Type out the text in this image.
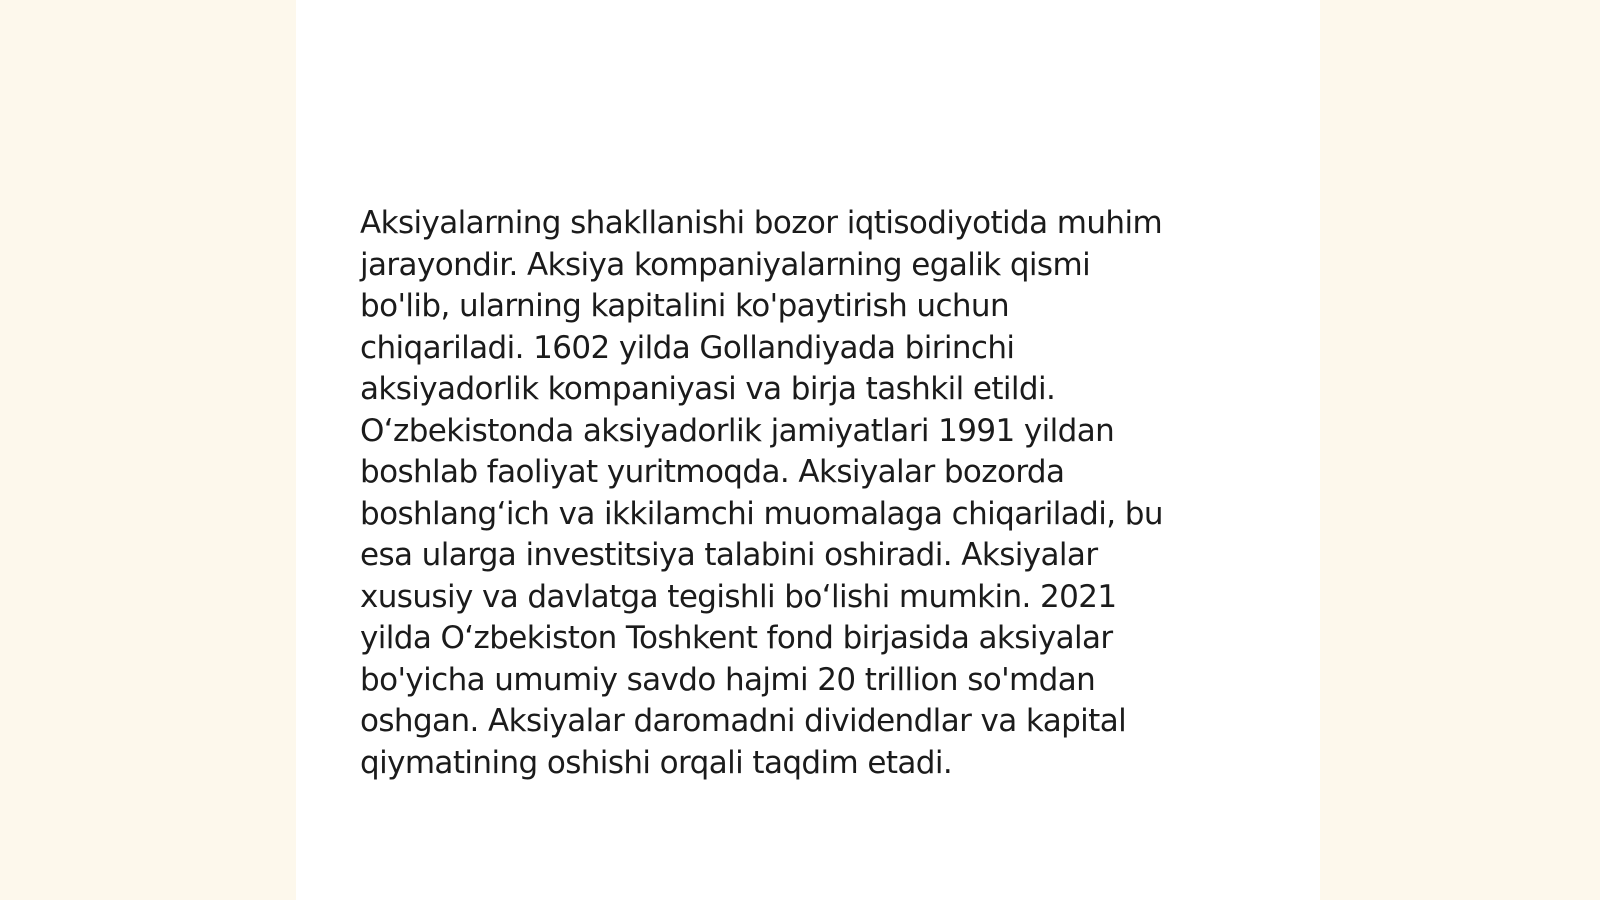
Aksiyalarning shakllanishi bozor iqtisodiyotida muhim
jarayondir. Aksiya kompaniyalarning egalik qismi
bo'lib, ularning kapitalini ko'paytirish uchun
chiqariladi. 1602 yilda Gollandiyada birinchi
aksiyadorlik kompaniyasi va birja tashkil etildi.
O‘zbekistonda aksiyadorlik jamiyatlari 1991 yildan
boshlab faoliyat yuritmoqda. Aksiyalar bozorda
boshlang‘ich va ikkilamchi muomalaga chiqariladi, bu
esa ularga investitsiya talabini oshiradi. Aksiyalar
xususiy va davlatga tegishli bo‘lishi mumkin. 2021
yilda O‘zbekiston Toshkent fond birjasida aksiyalar
bo'yicha umumiy savdo hajmi 20 trillion so'mdan
oshgan. Aksiyalar daromadni dividendlar va kapital
qiymatining oshishi orqali taqdim etadi.
